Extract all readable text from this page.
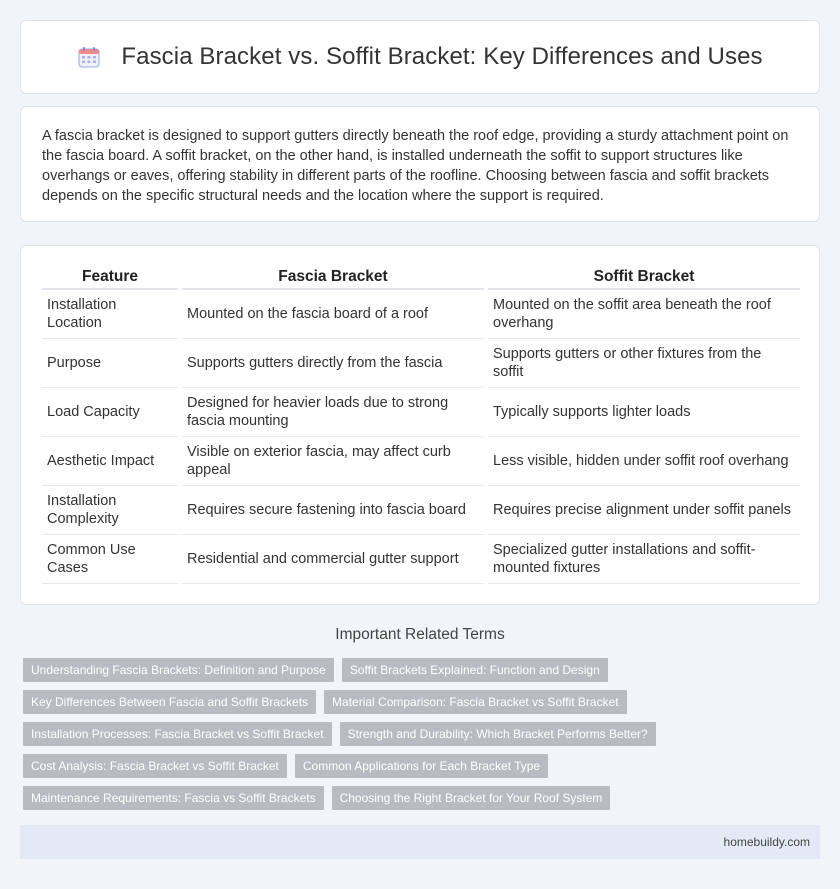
Fascia Bracket vs. Soffit Bracket: Key Differences and Uses

A fascia bracket is designed to support gutters directly beneath the roof edge, providing a sturdy attachment point on the fascia board. A soffit bracket, on the other hand, is installed underneath the soffit to support structures like overhangs or eaves, offering stability in different parts of the roofline. Choosing between fascia and soffit brackets depends on the specific structural needs and the location where the support is required.

Feature	Fascia Bracket	Soffit Bracket
Installation Location	Mounted on the fascia board of a roof	Mounted on the soffit area beneath the roof overhang
Purpose	Supports gutters directly from the fascia	Supports gutters or other fixtures from the soffit
Load Capacity	Designed for heavier loads due to strong fascia mounting	Typically supports lighter loads
Aesthetic Impact	Visible on exterior fascia, may affect curb appeal	Less visible, hidden under soffit roof overhang
Installation Complexity	Requires secure fastening into fascia board	Requires precise alignment under soffit panels
Common Use Cases	Residential and commercial gutter support	Specialized gutter installations and soffit-mounted fixtures
Important Related Terms
Understanding Fascia Brackets: Definition and Purpose	Soffit Brackets Explained: Function and Design
Key Differences Between Fascia and Soffit Brackets	Material Comparison: Fascia Bracket vs Soffit Bracket
Installation Processes: Fascia Bracket vs Soffit Bracket	Strength and Durability: Which Bracket Performs Better?
Cost Analysis: Fascia Bracket vs Soffit Bracket	Common Applications for Each Bracket Type
Maintenance Requirements: Fascia vs Soffit Brackets	Choosing the Right Bracket for Your Roof System
homebuildy.com
